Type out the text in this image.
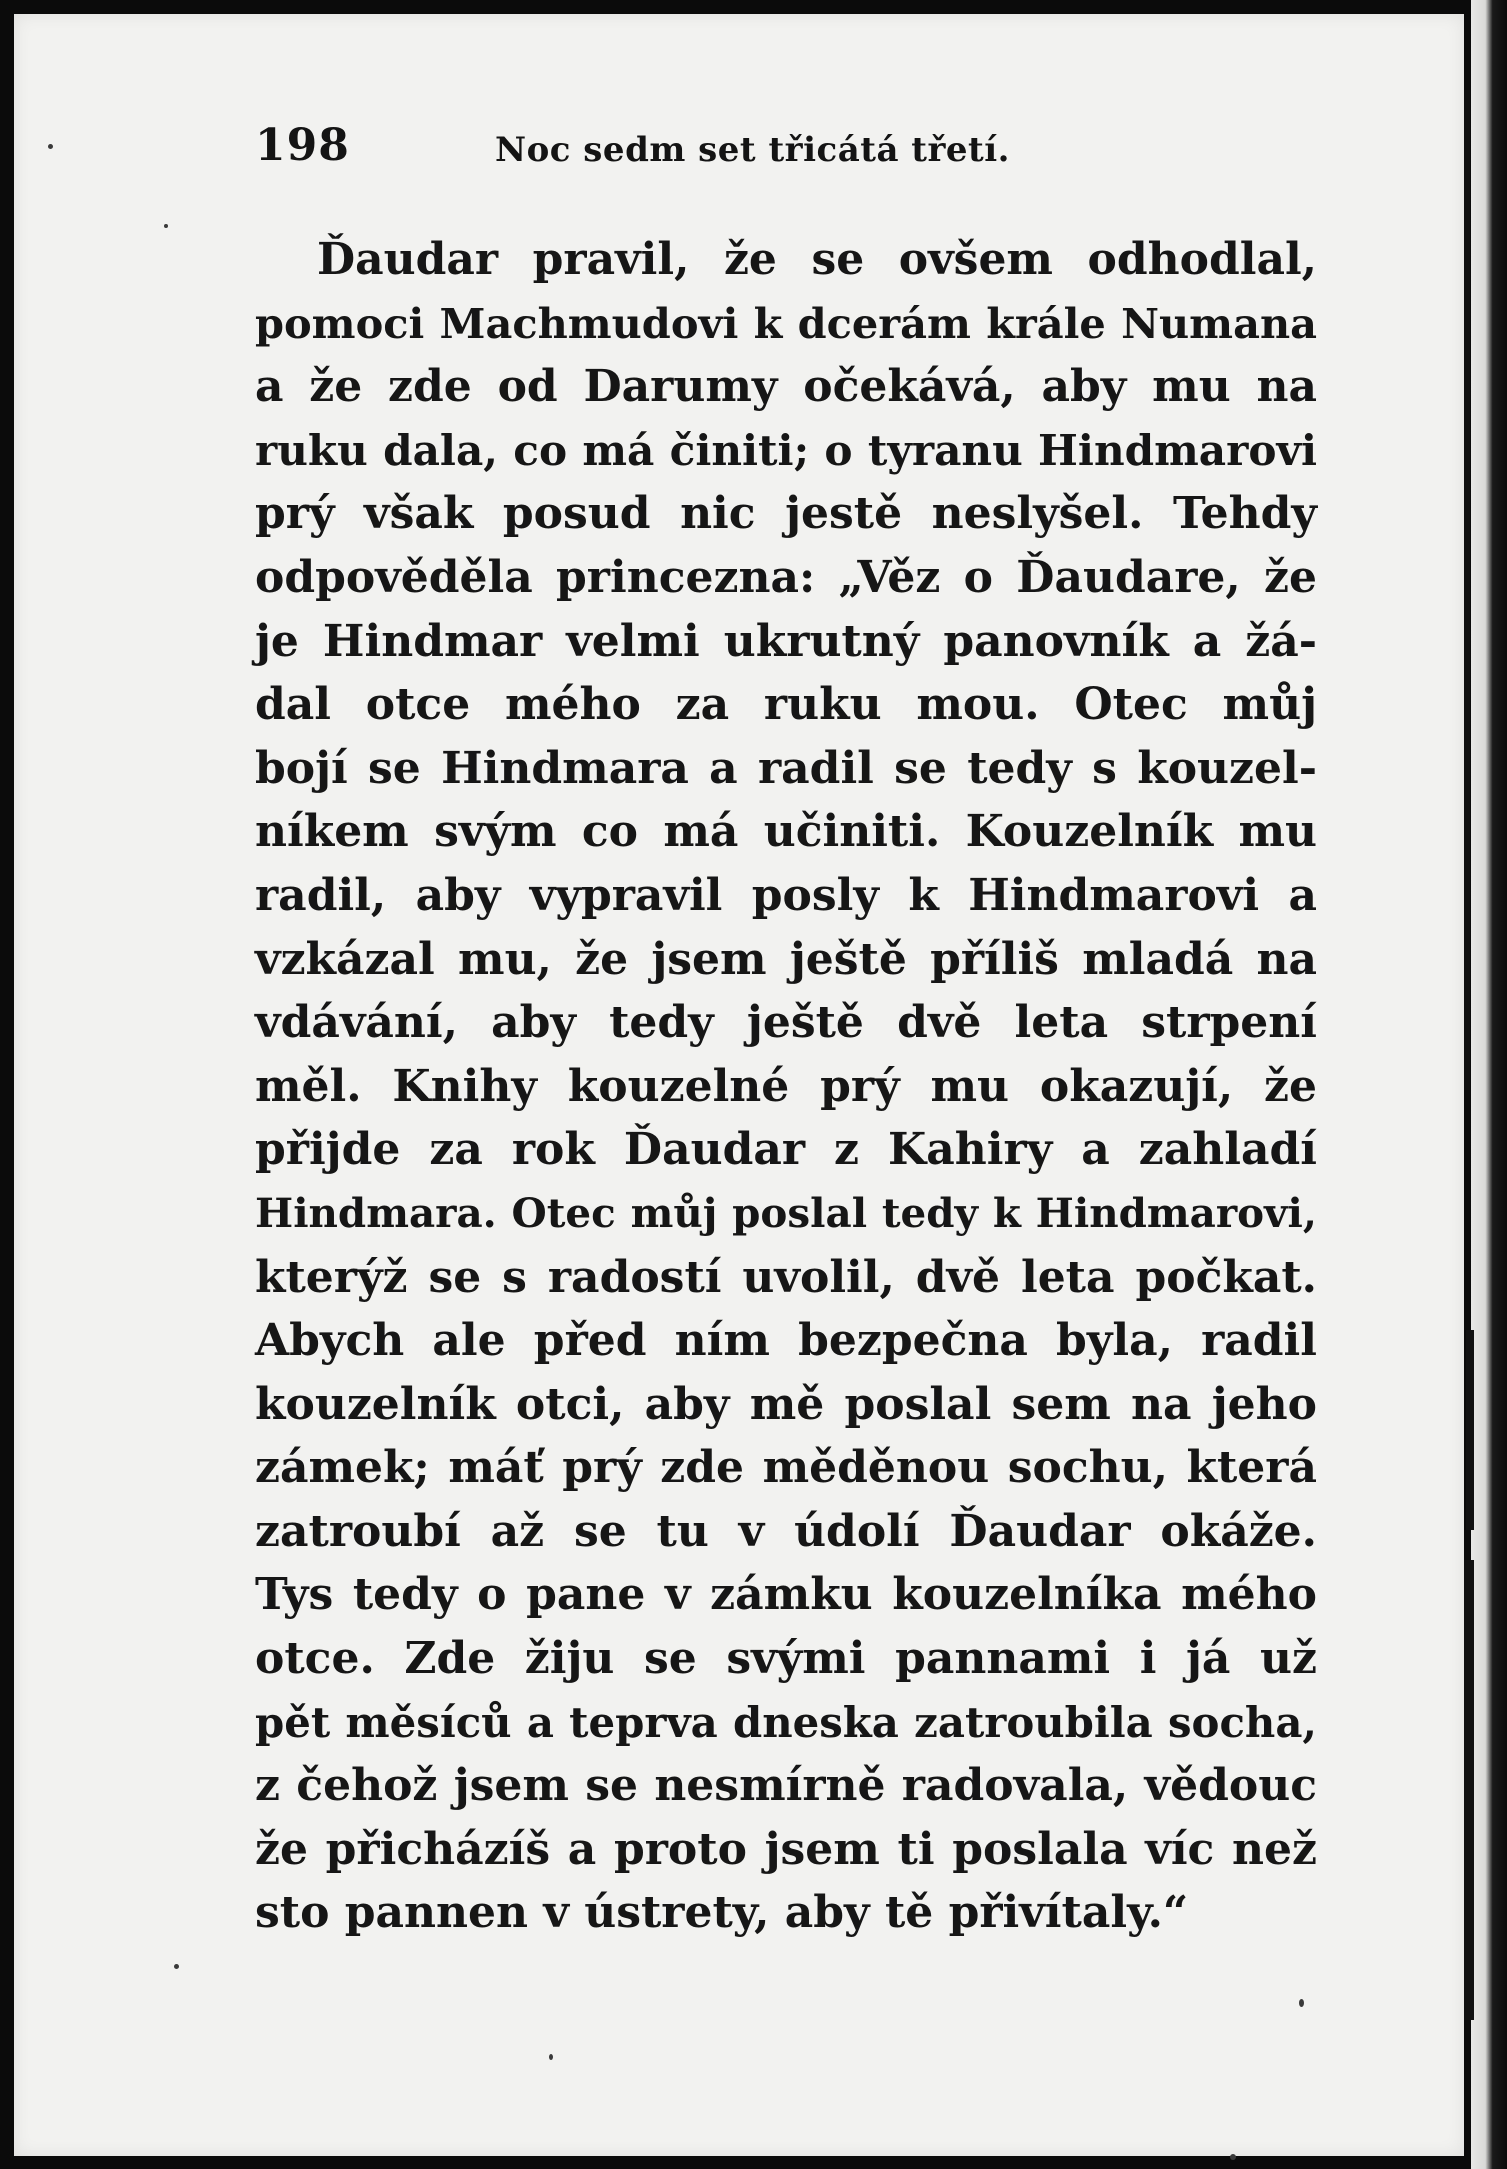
198	Noc sedm set třicátá třetí.
Ďaudar pravil, že se ovšem odhodlal,
pomoci Machmudovi k dcerám krále Numana
a že zde od Darumy očekává, aby mu na
ruku dala, co má činiti; o tyranu Hindmarovi
prý však posud nic jestě neslyšel. Tehdy
odpověděla princezna: „Věz o Ďaudare, že
je Hindmar velmi ukrutný panovník a žá-
dal otce mého za ruku mou. Otec můj
bojí se Hindmara a radil se tedy s kouzel-
níkem svým co má učiniti. Kouzelník mu
radil, aby vypravil posly k Hindmarovi a
vzkázal mu, že jsem ještě příliš mladá na
vdávání, aby tedy ještě dvě leta strpení
měl. Knihy kouzelné prý mu okazují, že
přijde za rok Ďaudar z Kahiry a zahladí
Hindmara. Otec můj poslal tedy k Hindmarovi,
kterýž se s radostí uvolil, dvě leta počkat.
Abych ale před ním bezpečna byla, radil
kouzelník otci, aby mě poslal sem na jeho
zámek; máť prý zde měděnou sochu, která
zatroubí až se tu v údolí Ďaudar okáže.
Tys tedy o pane v zámku kouzelníka mého
otce. Zde žiju se svými pannami i já už
pět měsíců a teprva dneska zatroubila socha,
z čehož jsem se nesmírně radovala, vědouc
že přicházíš a proto jsem ti poslala víc než
sto pannen v ústrety, aby tě přivítaly.“
